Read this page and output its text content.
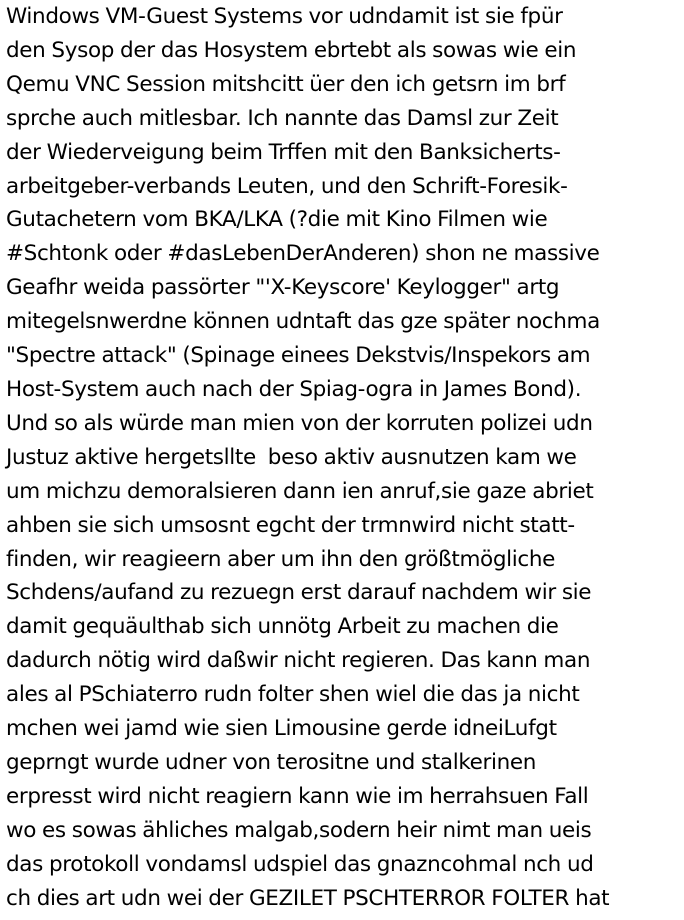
Windows VM-Guest Systems vor udndamit ist sie fpür
den Sysop der das Hosystem ebrtebt als sowas wie ein
Qemu VNC Session mitshcitt üer den ich getsrn im brf
sprche auch mitlesbar. Ich nannte das Damsl zur Zeit
der Wiederveigung beim Trffen mit den Banksicherts-
arbeitgeber-verbands Leuten, und den Schrift-Foresik-
Gutachetern vom BKA/LKA (?die mit Kino Filmen wie
#Schtonk oder #dasLebenDerAnderen) shon ne massive
Geafhr weida passörter "'X-Keyscore' Keylogger" artg
mitegelsnwerdne können udntaft das gze später nochma
"Spectre attack" (Spinage einees Dekstvis/Inspekors am
Host-System auch nach der Spiag-ogra in James Bond).
Und so als würde man mien von der korruten polizei udn
Justuz aktive hergetsllte  beso aktiv ausnutzen kam we
um michzu demoralsieren dann ien anruf,sie gaze abriet
ahben sie sich umsosnt egcht der trmnwird nicht statt-
finden, wir reagieern aber um ihn den größtmögliche
Schdens/aufand zu rezuegn erst darauf nachdem wir sie
damit gequäulthab sich unnötg Arbeit zu machen die
dadurch nötig wird daßwir nicht regieren. Das kann man
ales al PSchiaterro rudn folter shen wiel die das ja nicht
mchen wei jamd wie sien Limousine gerde idneiLufgt
geprngt wurde udner von terositne und stalkerinen
erpresst wird nicht reagiern kann wie im herrahsuen Fall
wo es sowas ähliches malgab,sodern heir nimt man ueis
das protokoll vondamsl udspiel das gnazncohmal nch ud
ch dies art udn wei der GEZILET PSCHTERROR FOLTER hat
